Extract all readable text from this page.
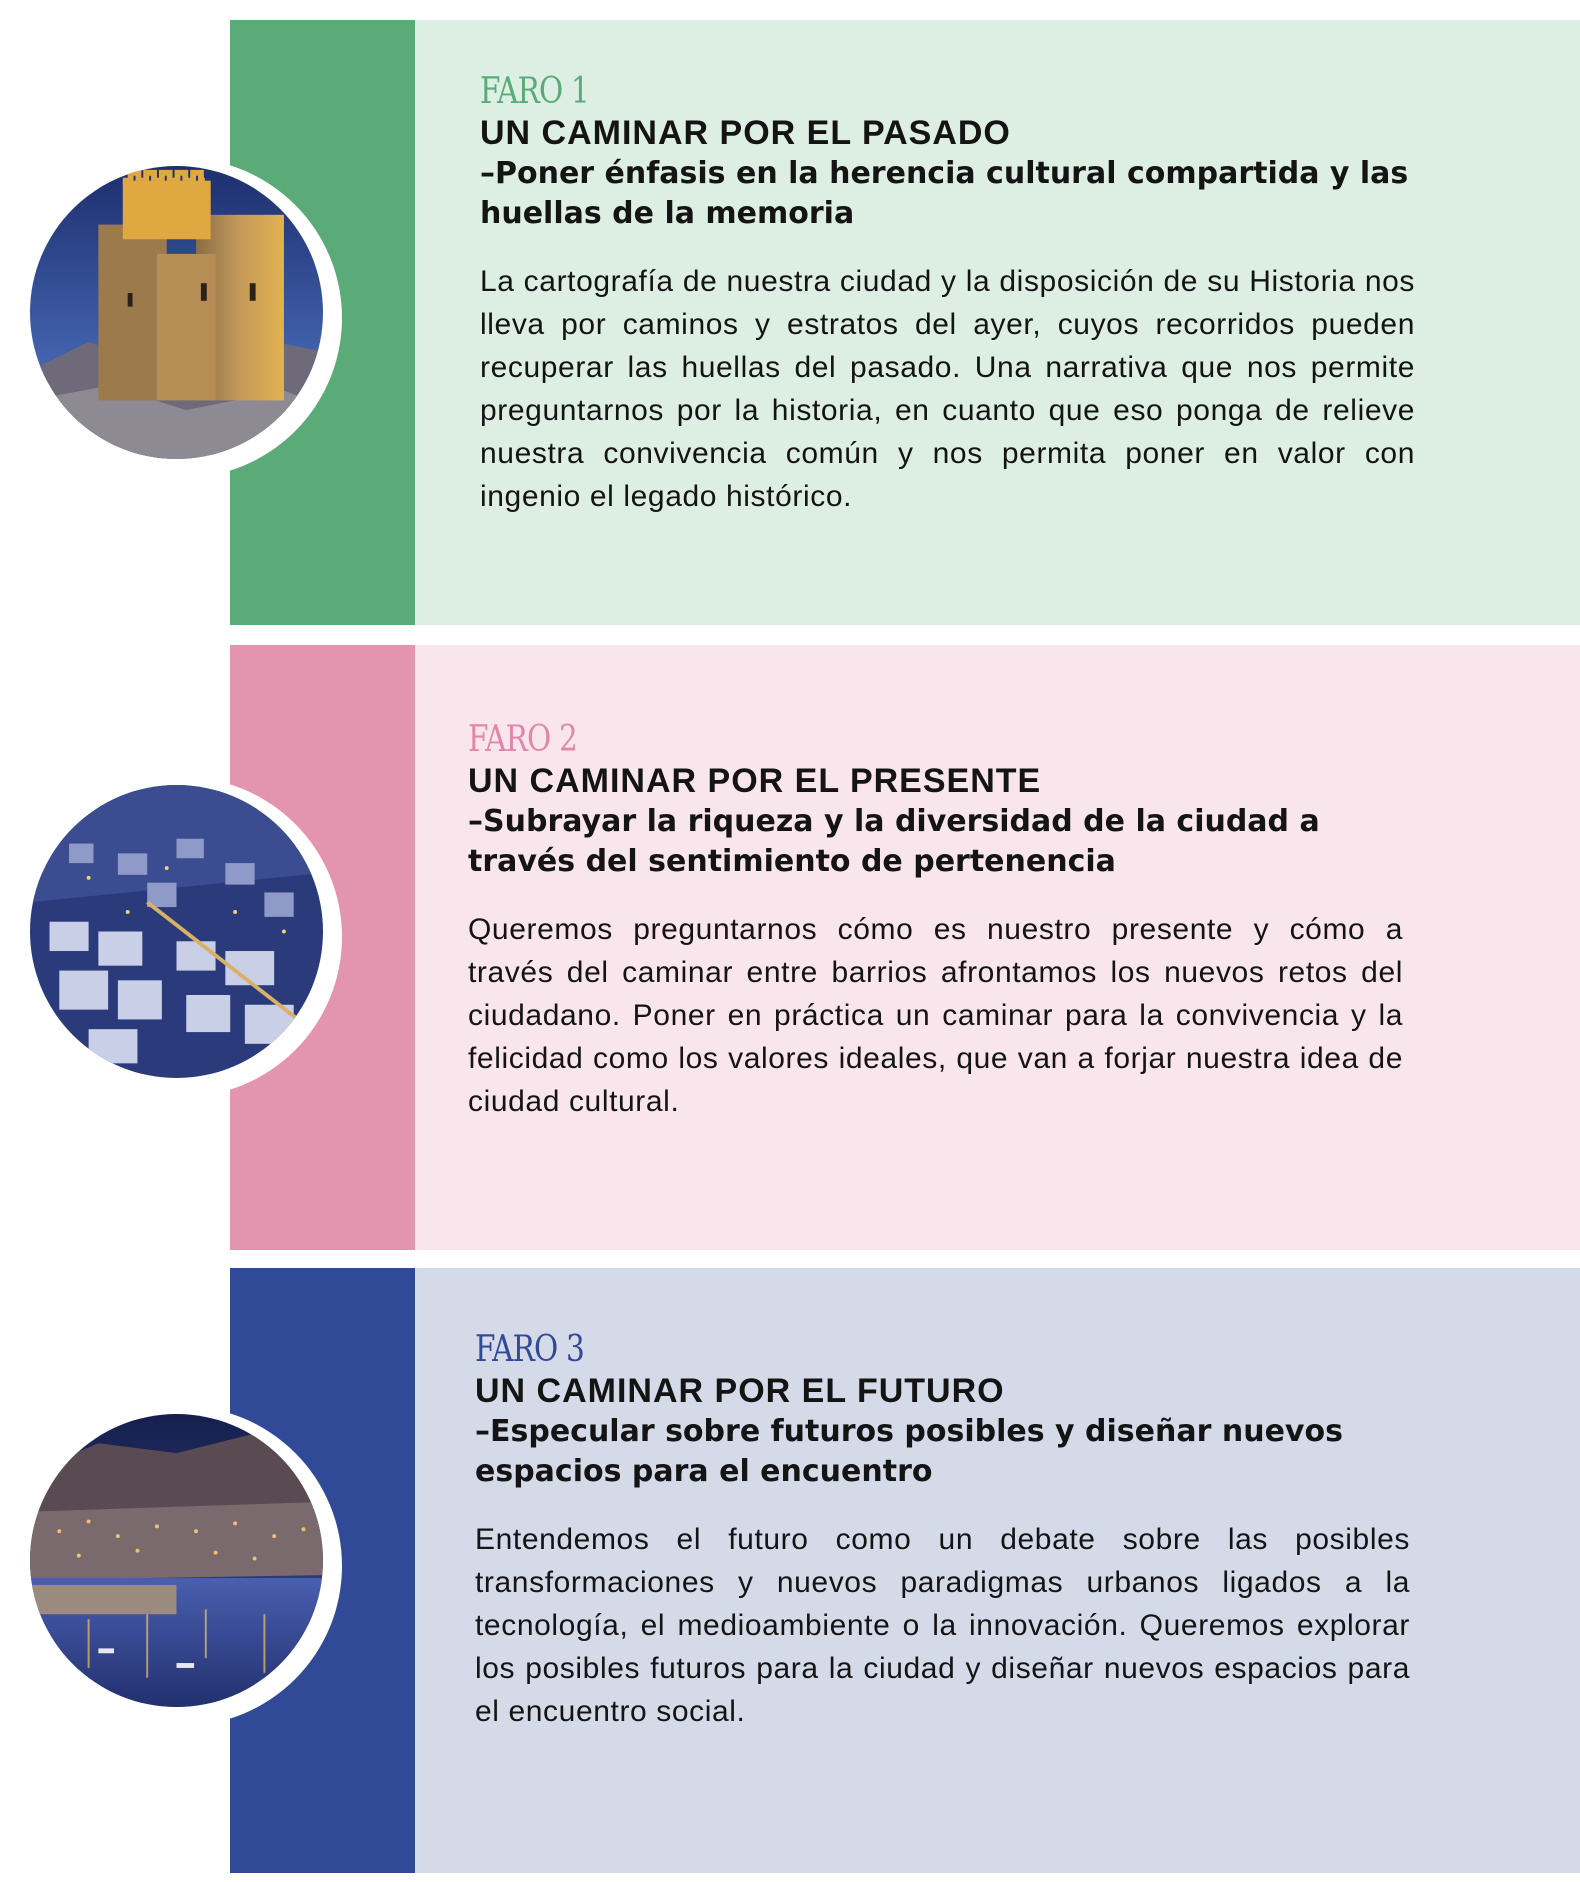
FARO 1

UN CAMINAR POR EL PASADO

–Poner énfasis en la herencia cultural compartida y las huellas de la memoria

La cartografía de nuestra ciudad y la disposición de su Historia nos lleva por caminos y estratos del ayer, cuyos recorridos pueden recuperar las huellas del pasado. Una narrativa que nos permite preguntarnos por la historia, en cuanto que eso ponga de relieve nuestra convivencia común y nos permita poner en valor con ingenio el legado histórico.

FARO 2

UN CAMINAR POR EL PRESENTE

–Subrayar la riqueza y la diversidad de la ciudad a través del sentimiento de pertenencia

Queremos preguntarnos cómo es nuestro presente y cómo a través del caminar entre barrios afrontamos los nuevos retos del ciudadano. Poner en práctica un caminar para la convivencia y la felicidad como los valores ideales, que van a forjar nuestra idea de ciudad cultural.

FARO 3

UN CAMINAR POR EL FUTURO

–Especular sobre futuros posibles y diseñar nuevos espacios para el encuentro

Entendemos el futuro como un debate sobre las posibles transformaciones y nuevos paradigmas urbanos ligados a la tecnología, el medioambiente o la innovación. Queremos explorar los posibles futuros para la ciudad y diseñar nuevos espacios para el encuentro social.
